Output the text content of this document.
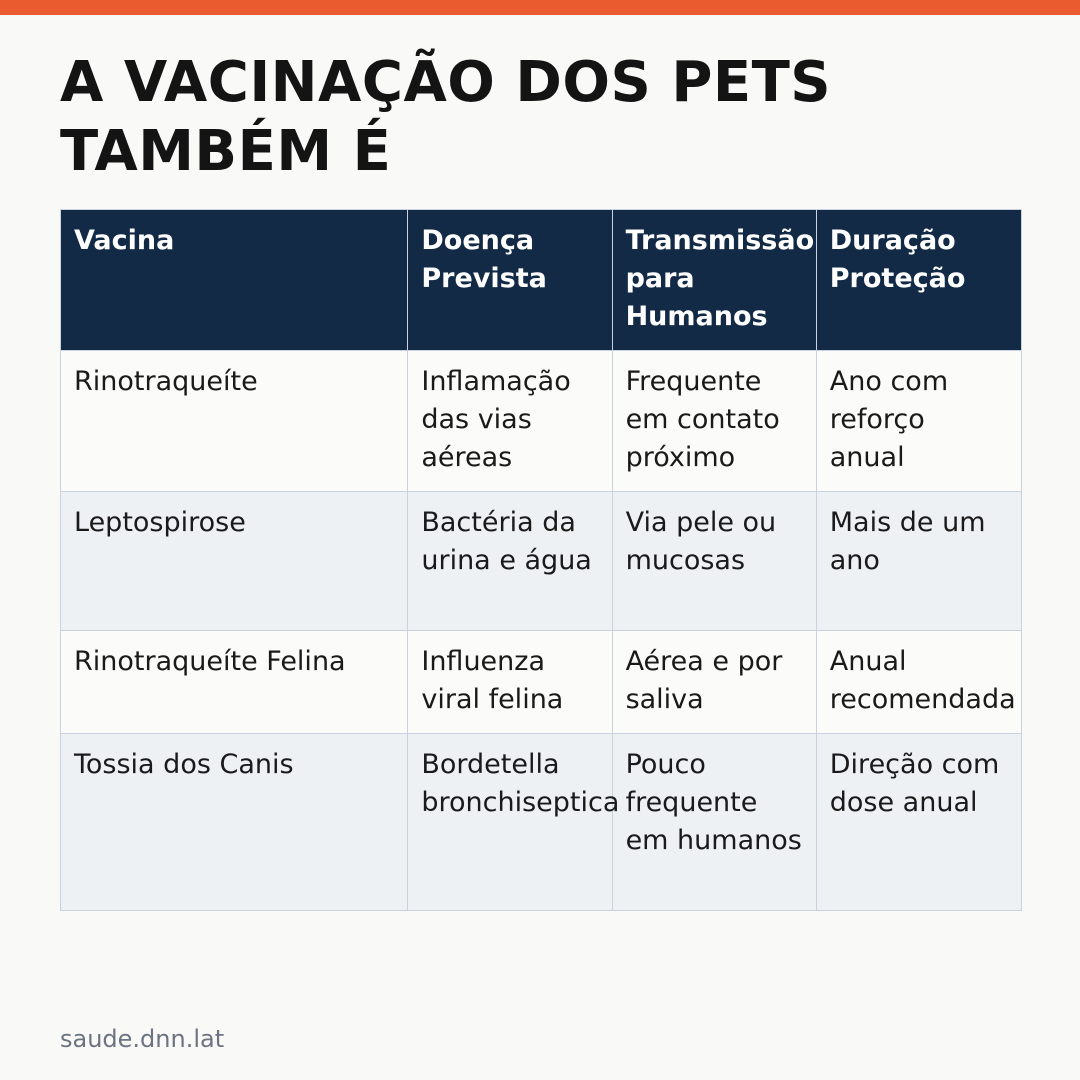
A VACINAÇÃO DOS PETS TAMBÉM É
Vacina	Doença Prevista	Transmissão para Humanos	Duração Proteção
Rinotraqueíte	Inflamação das vias aéreas	Frequente em contato próximo	Ano com reforço anual
Leptospirose	Bactéria da urina e água	Via pele ou mucosas	Mais de um ano
Rinotraqueíte Felina	Influenza viral felina	Aérea e por saliva	Anual recomendada
Tossia dos Canis	Bordetella bronchiseptica	Pouco frequente em humanos	Direção com dose anual
saude.dnn.lat
